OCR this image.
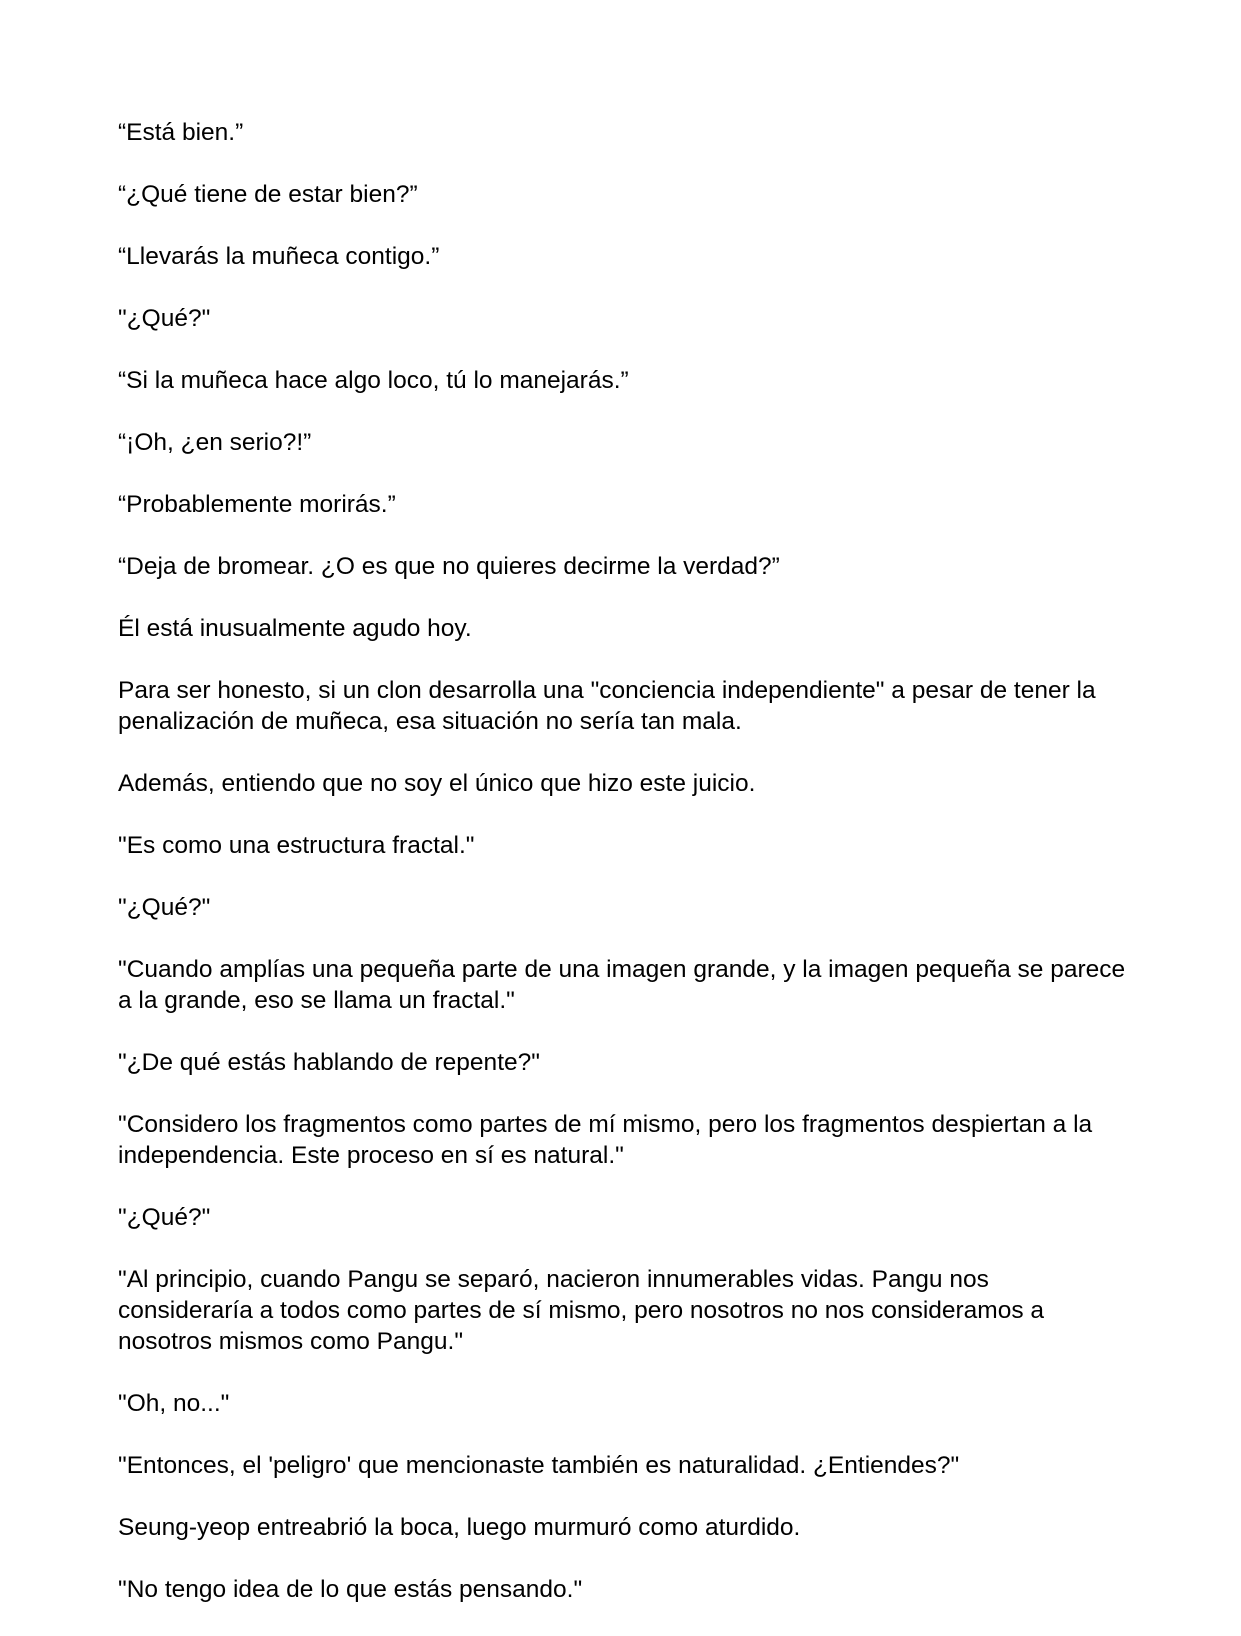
“Está bien.”

“¿Qué tiene de estar bien?”

“Llevarás la muñeca contigo.”

"¿Qué?"

“Si la muñeca hace algo loco, tú lo manejarás.”

“¡Oh, ¿en serio?!”

“Probablemente morirás.”

“Deja de bromear. ¿O es que no quieres decirme la verdad?”

Él está inusualmente agudo hoy.

Para ser honesto, si un clon desarrolla una "conciencia independiente" a pesar de tener la penalización de muñeca, esa situación no sería tan mala.

Además, entiendo que no soy el único que hizo este juicio.

"Es como una estructura fractal."

"¿Qué?"

"Cuando amplías una pequeña parte de una imagen grande, y la imagen pequeña se parece a la grande, eso se llama un fractal."

"¿De qué estás hablando de repente?"

"Considero los fragmentos como partes de mí mismo, pero los fragmentos despiertan a la independencia. Este proceso en sí es natural."

"¿Qué?"

"Al principio, cuando Pangu se separó, nacieron innumerables vidas. Pangu nos consideraría a todos como partes de sí mismo, pero nosotros no nos consideramos a nosotros mismos como Pangu."

"Oh, no..."

"Entonces, el 'peligro' que mencionaste también es naturalidad. ¿Entiendes?"

Seung-yeop entreabrió la boca, luego murmuró como aturdido.

"No tengo idea de lo que estás pensando."
